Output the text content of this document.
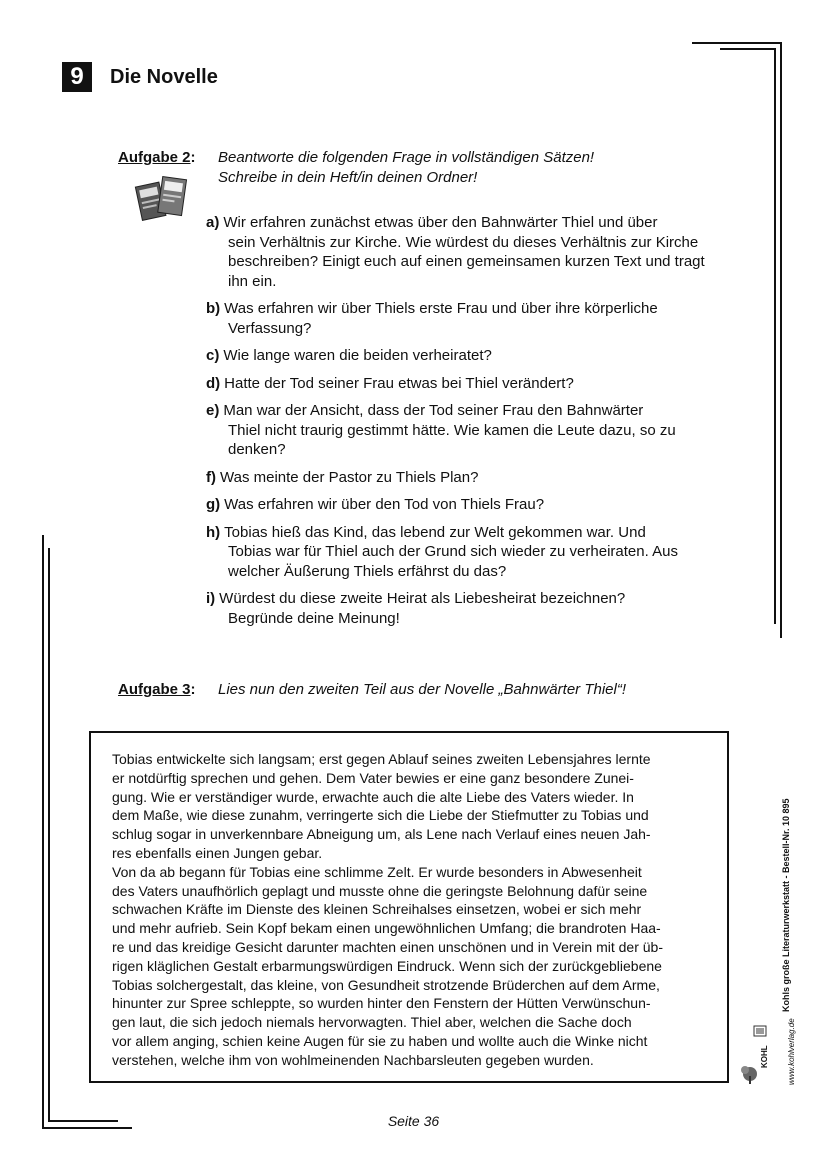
9	Die Novelle
Aufgabe 2: Beantworte die folgenden Frage in vollständigen Sätzen!
Schreibe in dein Heft/in deinen Ordner!
a) Wir erfahren zunächst etwas über den Bahnwärter Thiel und über
sein Verhältnis zur Kirche. Wie würdest du dieses Verhältnis zur Kirche beschreiben? Einigt euch auf einen gemeinsamen kurzen Text und tragt ihn ein.
b) Was erfahren wir über Thiels erste Frau und über ihre körperliche
Verfassung?
c) Wie lange waren die beiden verheiratet?
d) Hatte der Tod seiner Frau etwas bei Thiel verändert?
e) Man war der Ansicht, dass der Tod seiner Frau den Bahnwärter
Thiel nicht traurig gestimmt hätte. Wie kamen die Leute dazu, so zu denken?
f) Was meinte der Pastor zu Thiels Plan?
g) Was erfahren wir über den Tod von Thiels Frau?
h) Tobias hieß das Kind, das lebend zur Welt gekommen war. Und
Tobias war für Thiel auch der Grund sich wieder zu verheiraten. Aus welcher Äußerung Thiels erfährst du das?
i) Würdest du diese zweite Heirat als Liebesheirat bezeichnen?
Begründe deine Meinung!
Aufgabe 3: Lies nun den zweiten Teil aus der Novelle „Bahnwärter Thiel“!
Tobias entwickelte sich langsam; erst gegen Ablauf seines zweiten Lebensjahres lernte
er notdürftig sprechen und gehen. Dem Vater bewies er eine ganz besondere Zunei-
gung. Wie er verständiger wurde, erwachte auch die alte Liebe des Vaters wieder. In
dem Maße, wie diese zunahm, verringerte sich die Liebe der Stiefmutter zu Tobias und
schlug sogar in unverkennbare Abneigung um, als Lene nach Verlauf eines neuen Jah-
res ebenfalls einen Jungen gebar.
Von da ab begann für Tobias eine schlimme Zelt. Er wurde besonders in Abwesenheit
des Vaters unaufhörlich geplagt und musste ohne die geringste Belohnung dafür seine
schwachen Kräfte im Dienste des kleinen Schreihalses einsetzen, wobei er sich mehr
und mehr aufrieb. Sein Kopf bekam einen ungewöhnlichen Umfang; die brandroten Haa-
re und das kreidige Gesicht darunter machten einen unschönen und in Verein mit der üb-
rigen kläglichen Gestalt erbarmungswürdigen Eindruck. Wenn sich der zurückgebliebene
Tobias solchergestalt, das kleine, von Gesundheit strotzende Brüderchen auf dem Arme,
hinunter zur Spree schleppte, so wurden hinter den Fenstern der Hütten Verwünschun-
gen laut, die sich jedoch niemals hervorwagten. Thiel aber, welchen die Sache doch
vor allem anging, schien keine Augen für sie zu haben und wollte auch die Winke nicht
verstehen, welche ihm von wohlmeinenden Nachbarsleuten gegeben wurden.
Kohls große Literaturwerkstatt - Bestell-Nr. 10 895
www.kohlverlag.de
KOHL
Seite 36
